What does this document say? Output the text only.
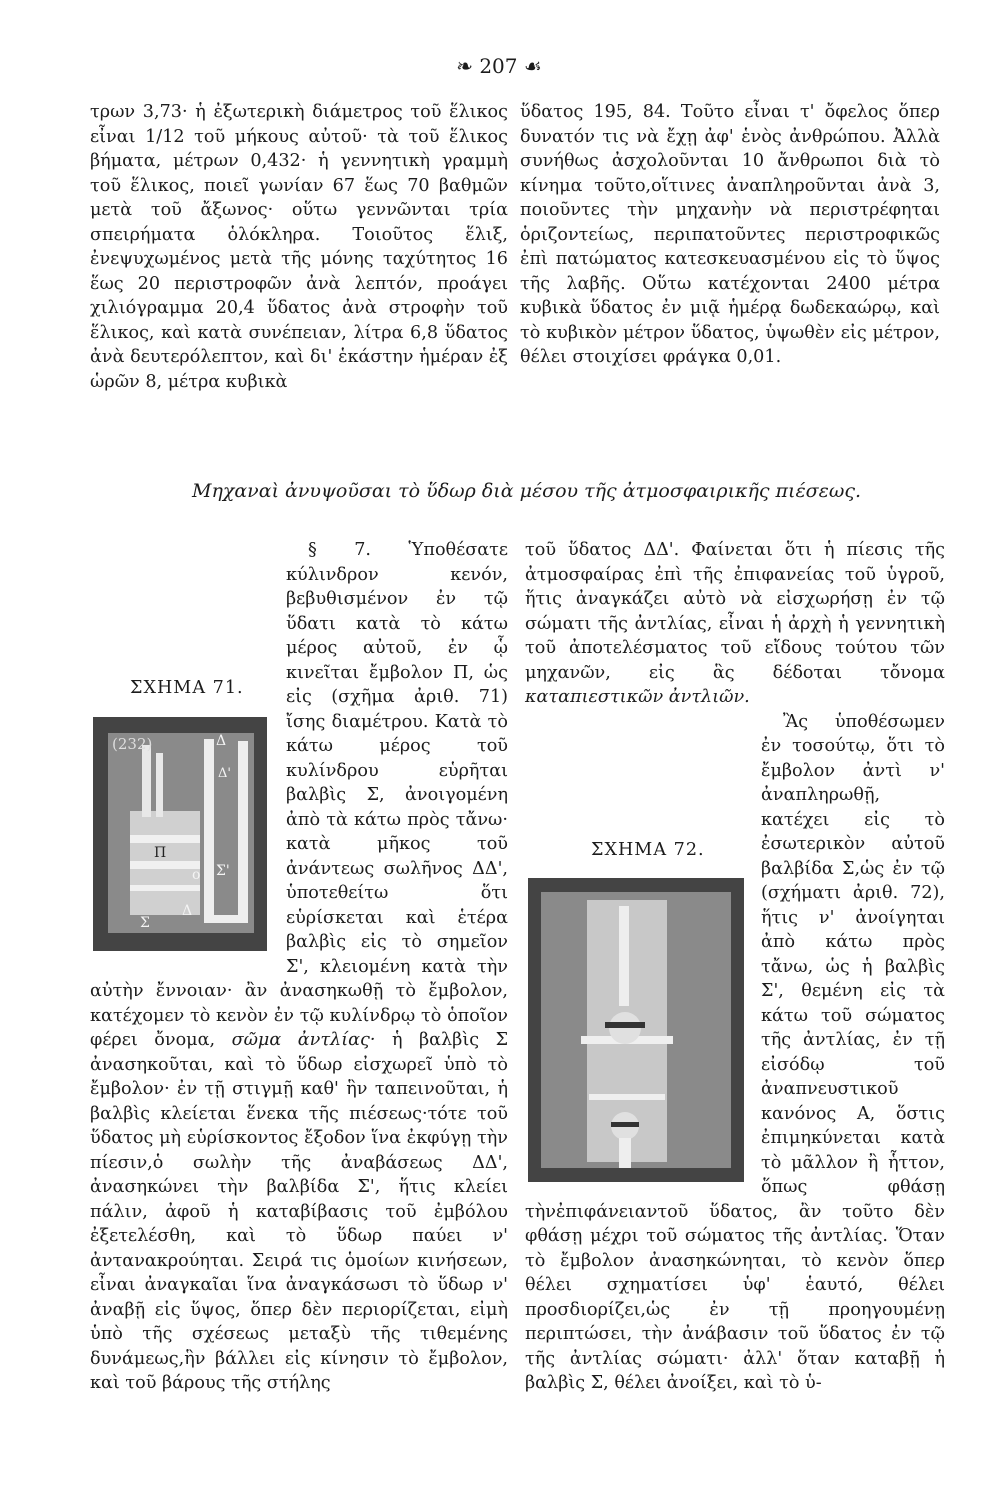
❧ 207 ☙

τρων 3,73· ἡ ἐξωτερικὴ διάμετρος τοῦ ἕλικος εἶναι 1/12 τοῦ μήκους αὐτοῦ· τὰ τοῦ ἕλικος βήματα, μέτρων 0,432· ἡ γεννητικὴ γραμμὴ τοῦ ἕλικος, ποιεῖ γωνίαν 67 ἕως 70 βαθμῶν μετὰ τοῦ ἄξωνος· οὕτω γεννῶνται τρία σπειρήματα ὁλόκληρα. Τοιοῦτος ἕλιξ, ἐνεψυχωμένος μετὰ τῆς μόνης ταχύτητος 16 ἕως 20 περιστροφῶν ἀνὰ λεπτόν, προάγει χιλιόγραμμα 20,4 ὕδατος ἀνὰ στροφὴν τοῦ ἕλικος, καὶ κατὰ συνέπειαν, λίτρα 6,8 ὕδατος ἀνὰ δευτερόλεπτον, καὶ δι' ἑκάστην ἡμέραν ἐξ ὡρῶν 8, μέτρα κυβικὰ

ὕδατος 195, 84. Τοῦτο εἶναι τ' ὄφελος ὅπερ δυνατόν τις νὰ ἔχῃ ἀφ' ἑνὸς ἀνθρώπου. Ἀλλὰ συνήθως ἀσχολοῦνται 10 ἄνθρωποι διὰ τὸ κίνημα τοῦτο,οἵτινες ἀναπληροῦνται ἀνὰ 3, ποιοῦντες τὴν μηχανὴν νὰ περιστρέφηται ὁριζοντείως, περιπατοῦντες περιστροφικῶς ἐπὶ πατώματος κατεσκευασμένου εἰς τὸ ὕψος τῆς λαβῆς. Οὕτω κατέχονται 2400 μέτρα κυβικὰ ὕδατος ἐν μιᾷ ἡμέρᾳ δωδεκαώρῳ, καὶ τὸ κυβικὸν μέτρον ὕδατος, ὑψωθὲν εἰς μέτρον, θέλει στοιχίσει φράγκα 0,01.

Μηχαναὶ ἀνυψοῦσαι τὸ ὕδωρ διὰ μέσου τῆς ἀτμοσφαιρικῆς πιέσεως.
ΣΧΗΜΑ 71.
(232)	Δ
Δ'
Π
ο Σ'
Δ
Σ

§ 7. Ὑποθέσατε κύλινδρον κενόν, βεβυθισμένον ἐν τῷ ὕδατι κατὰ τὸ κάτω μέρος αὐτοῦ, ἐν ᾧ κινεῖται ἔμβολον Π, ὡς εἰς (σχῆμα ἀριθ. 71) ἴσης διαμέτρου. Κατὰ τὸ κάτω μέρος τοῦ κυλίνδρου εὑρῆται βαλβὶς Σ, ἀνοιγομένη ἀπὸ τὰ κάτω πρὸς τἄνω· κατὰ μῆκος τοῦ ἀνάντεως σωλῆνος ΔΔ', ὑποτεθείτω ὅτι εὑρίσκεται καὶ ἑτέρα βαλβὶς εἰς τὸ σημεῖον Σ', κλειομένη κατὰ τὴν αὐτὴν ἔννοιαν· ἂν ἀνασηκωθῇ τὸ ἔμβολον, κατέχομεν τὸ κενὸν ἐν τῷ κυλίνδρῳ τὸ ὁποῖον φέρει ὄνομα, σῶμα ἀντλίας· ἡ βαλβὶς Σ ἀνασηκοῦται, καὶ τὸ ὕδωρ εἰσχωρεῖ ὑπὸ τὸ ἔμβολον· ἐν τῇ στιγμῇ καθ' ἣν ταπεινοῦται, ἡ βαλβὶς κλείεται ἕνεκα τῆς πιέσεως·τότε τοῦ ὕδατος μὴ εὑρίσκοντος ἔξοδον ἵνα ἐκφύγῃ τὴν πίεσιν,ὁ σωλὴν τῆς ἀναβάσεως ΔΔ', ἀνασηκώνει τὴν βαλβίδα Σ', ἥτις κλείει πάλιν, ἀφοῦ ἡ καταβίβασις τοῦ ἐμβόλου ἐξετελέσθη, καὶ τὸ ὕδωρ παύει ν' ἀντανακρούηται. Σειρά τις ὁμοίων κινήσεων, εἶναι ἀναγκαῖαι ἵνα ἀναγκάσωσι τὸ ὕδωρ ν' ἀναβῇ εἰς ὕψος, ὅπερ δὲν περιορίζεται, εἰμὴ ὑπὸ τῆς σχέσεως μεταξὺ τῆς τιθεμένης δυνάμεως,ἣν βάλλει εἰς κίνησιν τὸ ἔμβολον, καὶ τοῦ βάρους τῆς στήλης

τοῦ ὕδατος ΔΔ'. Φαίνεται ὅτι ἡ πίεσις τῆς ἀτμοσφαίρας ἐπὶ τῆς ἐπιφανείας τοῦ ὑγροῦ, ἥτις ἀναγκάζει αὐτὸ νὰ εἰσχωρήσῃ ἐν τῷ σώματι τῆς ἀντλίας, εἶναι ἡ ἀρχὴ ἡ γεννητικὴ τοῦ ἀποτελέσματος τοῦ εἴδους τούτου τῶν μηχανῶν, εἰς ἃς δέδοται τὄνομα καταπιεστικῶν ἀντλιῶν.

ΣΧΗΜΑ 72.

Ἂς ὑποθέσωμεν ἐν τοσούτῳ, ὅτι τὸ ἔμβολον ἀντὶ ν' ἀναπληρωθῇ, κατέχει εἰς τὸ ἐσωτερικὸν αὐτοῦ βαλβίδα Σ,ὡς ἐν τῷ (σχήματι ἀριθ. 72), ἥτις ν' ἀνοίγηται ἀπὸ κάτω πρὸς τἄνω, ὡς ἡ βαλβὶς Σ', θεμένη εἰς τὰ κάτω τοῦ σώματος τῆς ἀντλίας, ἐν τῇ εἰσόδῳ τοῦ ἀναπνευστικοῦ κανόνος Α, ὅστις ἐπιμηκύνεται κατὰ τὸ μᾶλλον ἢ ἧττον, ὅπως φθάσῃ τὴνἐπιφάνειαντοῦ ὕδατος, ἂν τοῦτο δὲν φθάσῃ μέχρι τοῦ σώματος τῆς ἀντλίας. Ὅταν τὸ ἔμβολον ἀνασηκώνηται, τὸ κενὸν ὅπερ θέλει σχηματίσει ὑφ' ἑαυτό, θέλει προσδιορίζει,ὡς ἐν τῇ προηγουμένῃ περιπτώσει, τὴν ἀνάβασιν τοῦ ὕδατος ἐν τῷ τῆς ἀντλίας σώματι· ἀλλ' ὅταν καταβῇ ἡ βαλβὶς Σ, θέλει ἀνοίξει, καὶ τὸ ὑ-
